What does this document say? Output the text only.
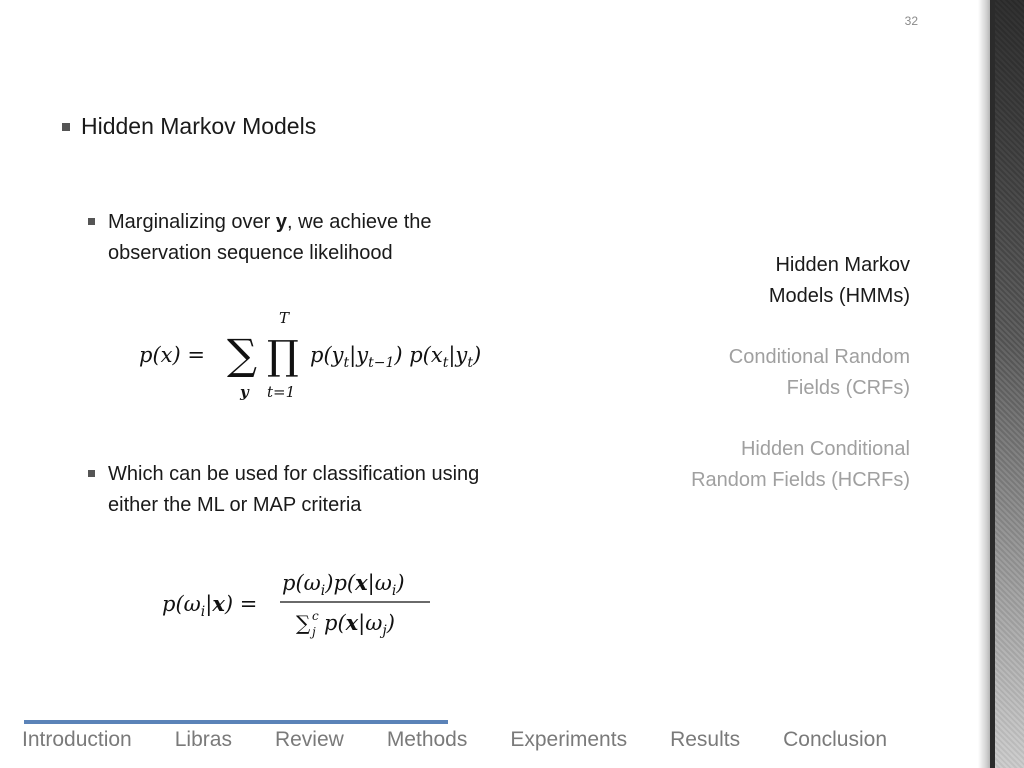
32
Hidden Markov Models
Marginalizing over y, we achieve the observation sequence likelihood
p(x) = ∑
y
∏
T
t=1
$p(y_t|y_{t-1})$ $p(x_t|y_t)$
Which can be used for classification using either the ML or MAP criteria
$p(\omega_i|x)$ =
$p(\omega_i)p(x|\omega_i)$
∑ c
j $p(x|\omega_j)$
Hidden Markov
Models (HMMs)
Conditional Random
Fields (CRFs)
Hidden Conditional
Random Fields (HCRFs)
Introduction Libras Review Methods Experiments Results Conclusion
